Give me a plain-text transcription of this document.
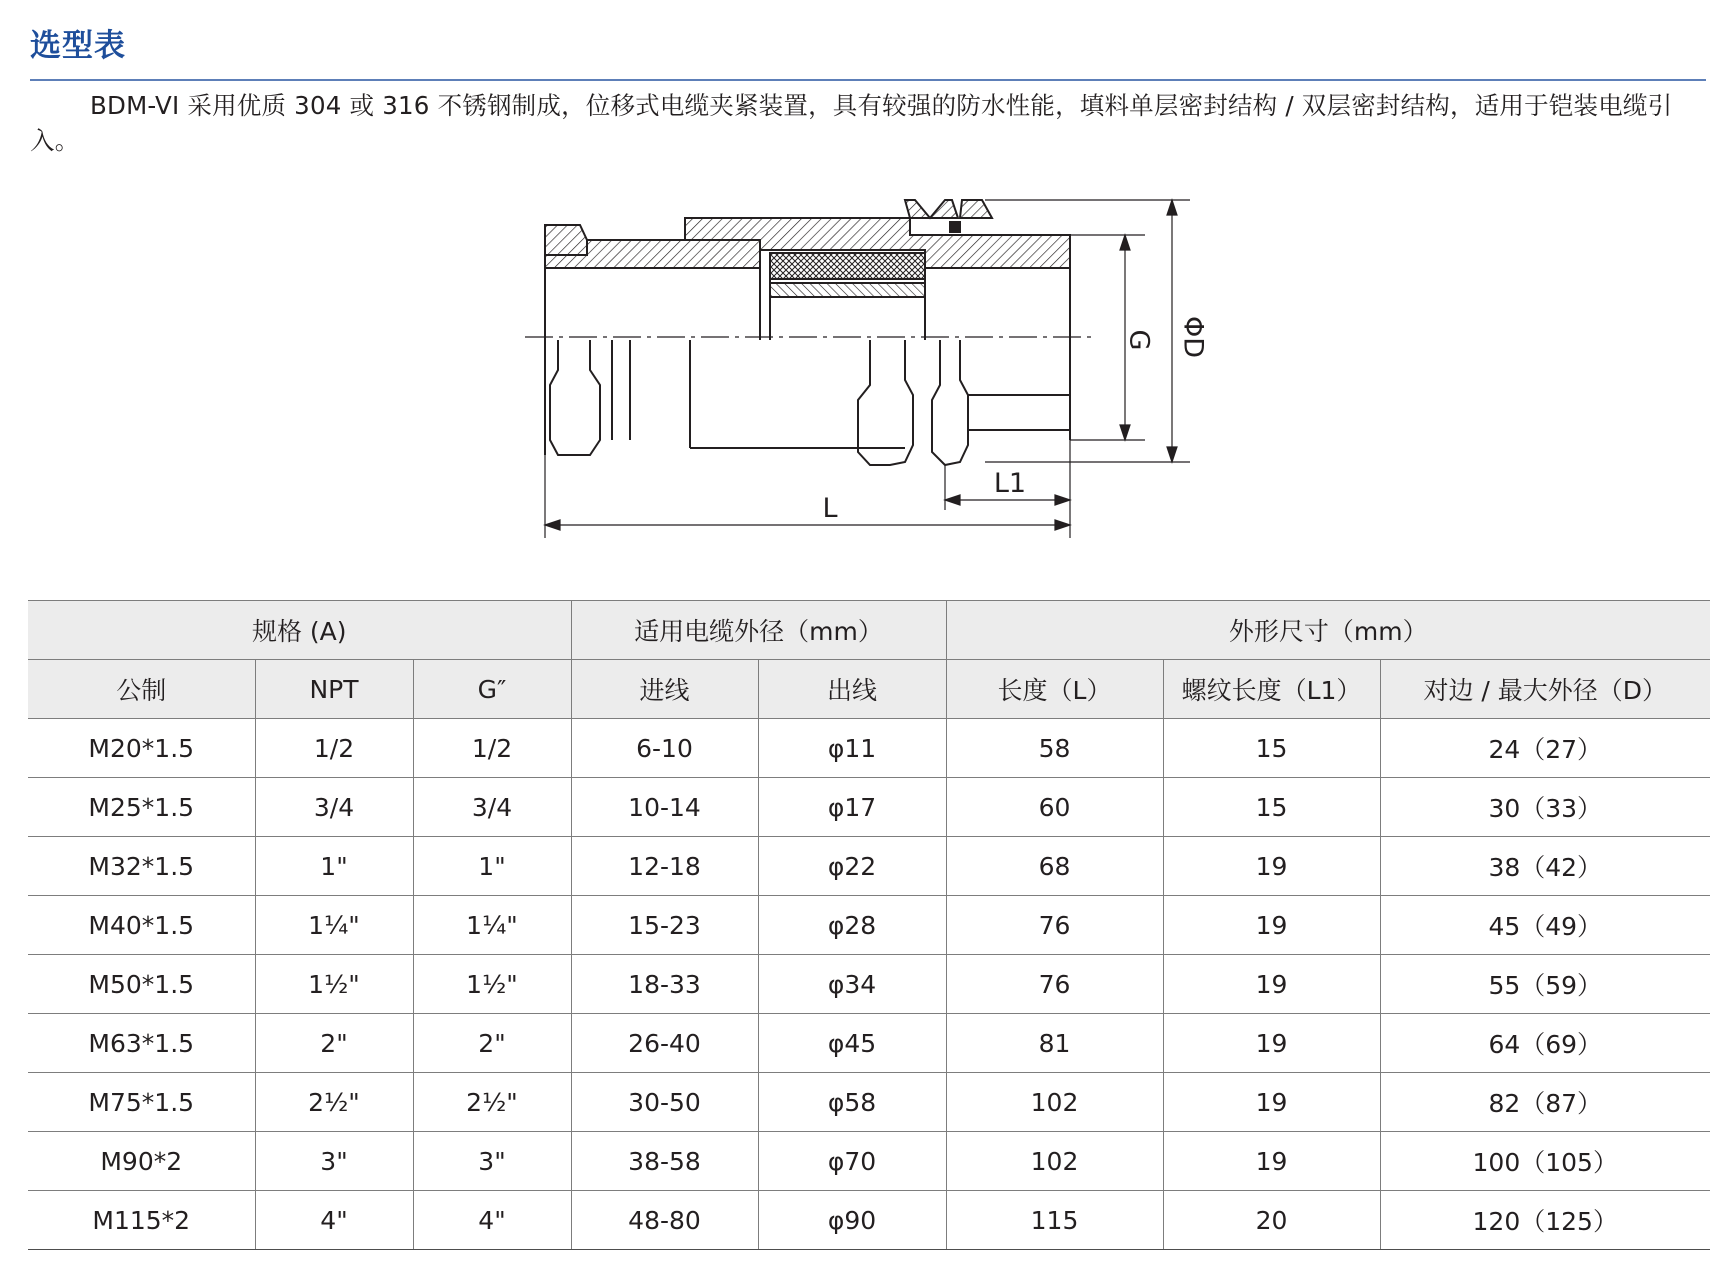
选型表
BDM-VI 采用优质 304 或 316 不锈钢制成，位移式电缆夹紧装置，具有较强的防水性能，填料单层密封结构 / 双层密封结构，适用于铠装电缆引入。
G ΦD
L1
L
规格 (A)			适用电缆外径（mm）		外形尺寸（mm）		
公制	NPT	G″	进线	出线	长度（L）	螺纹长度（L1）	对边 / 最大外径（D）
M20*1.5	1/2	1/2	6-10	φ11	58	15	24（27）
M25*1.5	3/4	3/4	10-14	φ17	60	15	30（33）
M32*1.5	1"	1"	12-18	φ22	68	19	38（42）
M40*1.5	1¼"	1¼"	15-23	φ28	76	19	45（49）
M50*1.5	1½"	1½"	18-33	φ34	76	19	55（59）
M63*1.5	2"	2"	26-40	φ45	81	19	64（69）
M75*1.5	2½"	2½"	30-50	φ58	102	19	82（87）
M90*2	3"	3"	38-58	φ70	102	19	100（105）
M115*2	4"	4"	48-80	φ90	115	20	120（125）
